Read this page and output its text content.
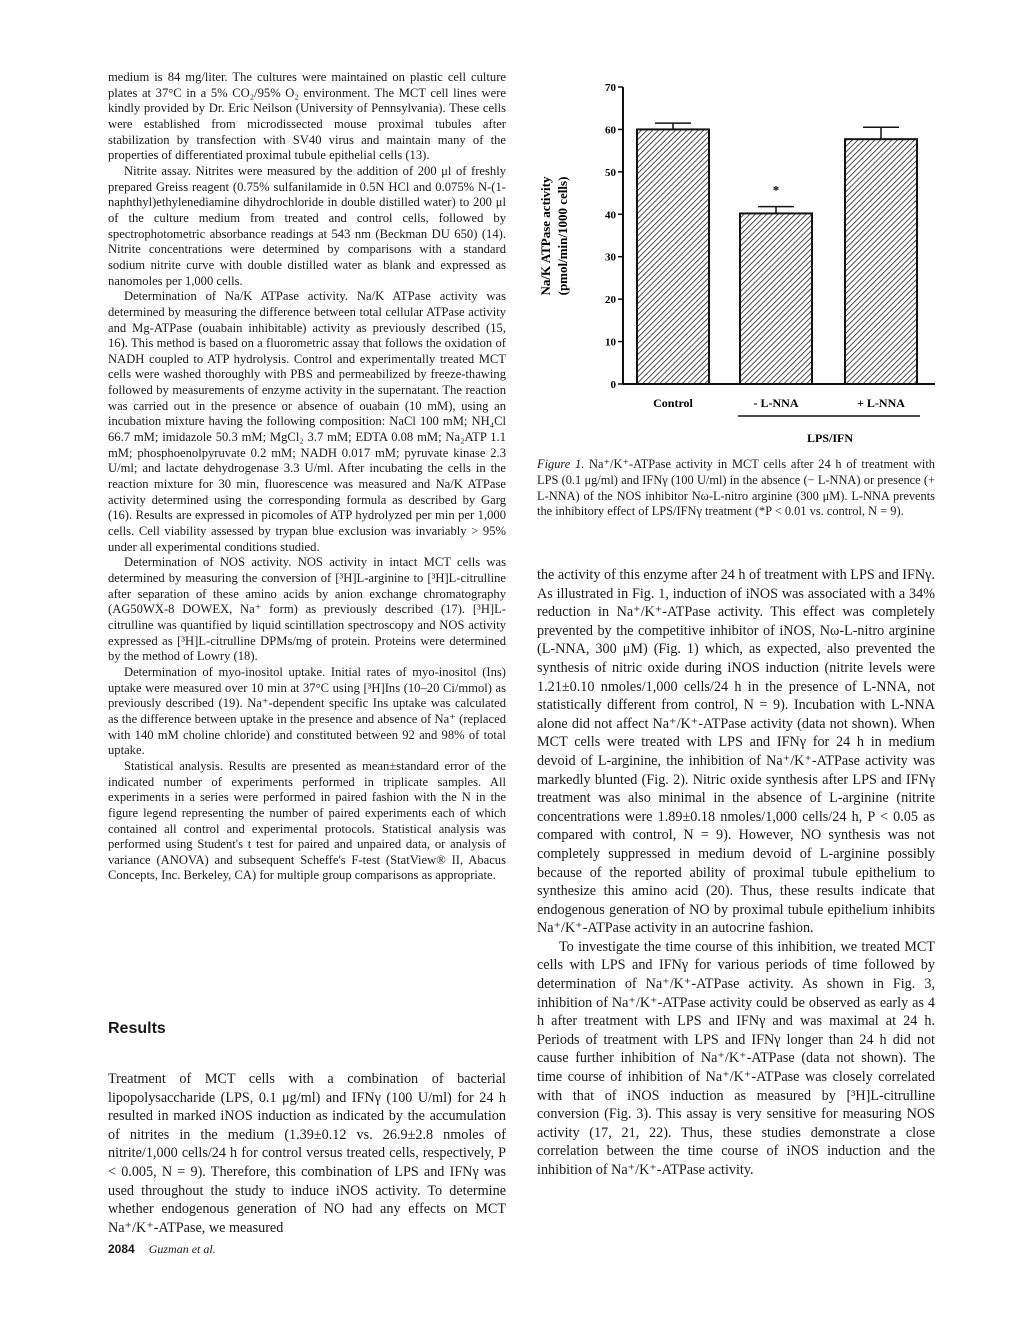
medium is 84 mg/liter. The cultures were maintained on plastic cell culture plates at 37°C in a 5% CO₂/95% O₂ environment. The MCT cell lines were kindly provided by Dr. Eric Neilson (University of Pennsylvania). These cells were established from microdissected mouse proximal tubules after stabilization by transfection with SV40 virus and maintain many of the properties of differentiated proximal tubule epithelial cells (13).

Nitrite assay. Nitrites were measured by the addition of 200 μl of freshly prepared Greiss reagent (0.75% sulfanilamide in 0.5N HCl and 0.075% N-(1-naphthyl)ethylenediamine dihydrochloride in double distilled water) to 200 μl of the culture medium from treated and control cells, followed by spectrophotometric absorbance readings at 543 nm (Beckman DU 650) (14). Nitrite concentrations were determined by comparisons with a standard sodium nitrite curve with double distilled water as blank and expressed as nanomoles per 1,000 cells.

Determination of Na/K ATPase activity. Na/K ATPase activity was determined by measuring the difference between total cellular ATPase activity and Mg-ATPase (ouabain inhibitable) activity as previously described (15, 16). This method is based on a fluorometric assay that follows the oxidation of NADH coupled to ATP hydrolysis. Control and experimentally treated MCT cells were washed thoroughly with PBS and permeabilized by freeze-thawing followed by measurements of enzyme activity in the supernatant. The reaction was carried out in the presence or absence of ouabain (10 mM), using an incubation mixture having the following composition: NaCl 100 mM; NH₄Cl 66.7 mM; imidazole 50.3 mM; MgCl₂ 3.7 mM; EDTA 0.08 mM; Na₂ATP 1.1 mM; phosphoenolpyruvate 0.2 mM; NADH 0.017 mM; pyruvate kinase 2.3 U/ml; and lactate dehydrogenase 3.3 U/ml. After incubating the cells in the reaction mixture for 30 min, fluorescence was measured and Na/K ATPase activity determined using the corresponding formula as described by Garg (16). Results are expressed in picomoles of ATP hydrolyzed per min per 1,000 cells. Cell viability assessed by trypan blue exclusion was invariably > 95% under all experimental conditions studied.

Determination of NOS activity. NOS activity in intact MCT cells was determined by measuring the conversion of [³H]L-arginine to [³H]L-citrulline after separation of these amino acids by anion exchange chromatography (AG50WX-8 DOWEX, Na⁺ form) as previously described (17). [³H]L-citrulline was quantified by liquid scintillation spectroscopy and NOS activity expressed as [³H]L-citrulline DPMs/mg of protein. Proteins were determined by the method of Lowry (18).

Determination of myo-inositol uptake. Initial rates of myo-inositol (Ins) uptake were measured over 10 min at 37°C using [³H]Ins (10–20 Ci/mmol) as previously described (19). Na⁺-dependent specific Ins uptake was calculated as the difference between uptake in the presence and absence of Na⁺ (replaced with 140 mM choline chloride) and constituted between 92 and 98% of total uptake.

Statistical analysis. Results are presented as mean±standard error of the indicated number of experiments performed in triplicate samples. All experiments in a series were performed in paired fashion with the N in the figure legend representing the number of paired experiments each of which contained all control and experimental protocols. Statistical analysis was performed using Student's t test for paired and unpaired data, or analysis of variance (ANOVA) and subsequent Scheffe's F-test (StatView® II, Abacus Concepts, Inc. Berkeley, CA) for multiple group comparisons as appropriate.

Results

Treatment of MCT cells with a combination of bacterial lipopolysaccharide (LPS, 0.1 μg/ml) and IFNγ (100 U/ml) for 24 h resulted in marked iNOS induction as indicated by the accumulation of nitrites in the medium (1.39±0.12 vs. 26.9±2.8 nmoles of nitrite/1,000 cells/24 h for control versus treated cells, respectively, P < 0.005, N = 9). Therefore, this combination of LPS and IFNγ was used throughout the study to induce iNOS activity. To determine whether endogenous generation of NO had any effects on MCT Na⁺/K⁺-ATPase, we measured

0
10
20
30
40
50
60
70
Control
*
- L-NNA	+ L-NNA
LPS/IFN
Na/K ATPase activity (pmol/min/1000 cells)
Figure 1. Na⁺/K⁺-ATPase activity in MCT cells after 24 h of treatment with LPS (0.1 μg/ml) and IFNγ (100 U/ml) in the absence (− L-NNA) or presence (+ L-NNA) of the NOS inhibitor Nω-L-nitro arginine (300 μM). L-NNA prevents the inhibitory effect of LPS/IFNγ treatment (*P < 0.01 vs. control, N = 9).

the activity of this enzyme after 24 h of treatment with LPS and IFNγ. As illustrated in Fig. 1, induction of iNOS was associated with a 34% reduction in Na⁺/K⁺-ATPase activity. This effect was completely prevented by the competitive inhibitor of iNOS, Nω-L-nitro arginine (L-NNA, 300 μM) (Fig. 1) which, as expected, also prevented the synthesis of nitric oxide during iNOS induction (nitrite levels were 1.21±0.10 nmoles/1,000 cells/24 h in the presence of L-NNA, not statistically different from control, N = 9). Incubation with L-NNA alone did not affect Na⁺/K⁺-ATPase activity (data not shown). When MCT cells were treated with LPS and IFNγ for 24 h in medium devoid of L-arginine, the inhibition of Na⁺/K⁺-ATPase activity was markedly blunted (Fig. 2). Nitric oxide synthesis after LPS and IFNγ treatment was also minimal in the absence of L-arginine (nitrite concentrations were 1.89±0.18 nmoles/1,000 cells/24 h, P < 0.05 as compared with control, N = 9). However, NO synthesis was not completely suppressed in medium devoid of L-arginine possibly because of the reported ability of proximal tubule epithelium to synthesize this amino acid (20). Thus, these results indicate that endogenous generation of NO by proximal tubule epithelium inhibits Na⁺/K⁺-ATPase activity in an autocrine fashion.

To investigate the time course of this inhibition, we treated MCT cells with LPS and IFNγ for various periods of time followed by determination of Na⁺/K⁺-ATPase activity. As shown in Fig. 3, inhibition of Na⁺/K⁺-ATPase activity could be observed as early as 4 h after treatment with LPS and IFNγ and was maximal at 24 h. Periods of treatment with LPS and IFNγ longer than 24 h did not cause further inhibition of Na⁺/K⁺-ATPase (data not shown). The time course of inhibition of Na⁺/K⁺-ATPase was closely correlated with that of iNOS induction as measured by [³H]L-citrulline conversion (Fig. 3). This assay is very sensitive for measuring NOS activity (17, 21, 22). Thus, these studies demonstrate a close correlation between the time course of iNOS induction and the inhibition of Na⁺/K⁺-ATPase activity.

2084 Guzman et al.
